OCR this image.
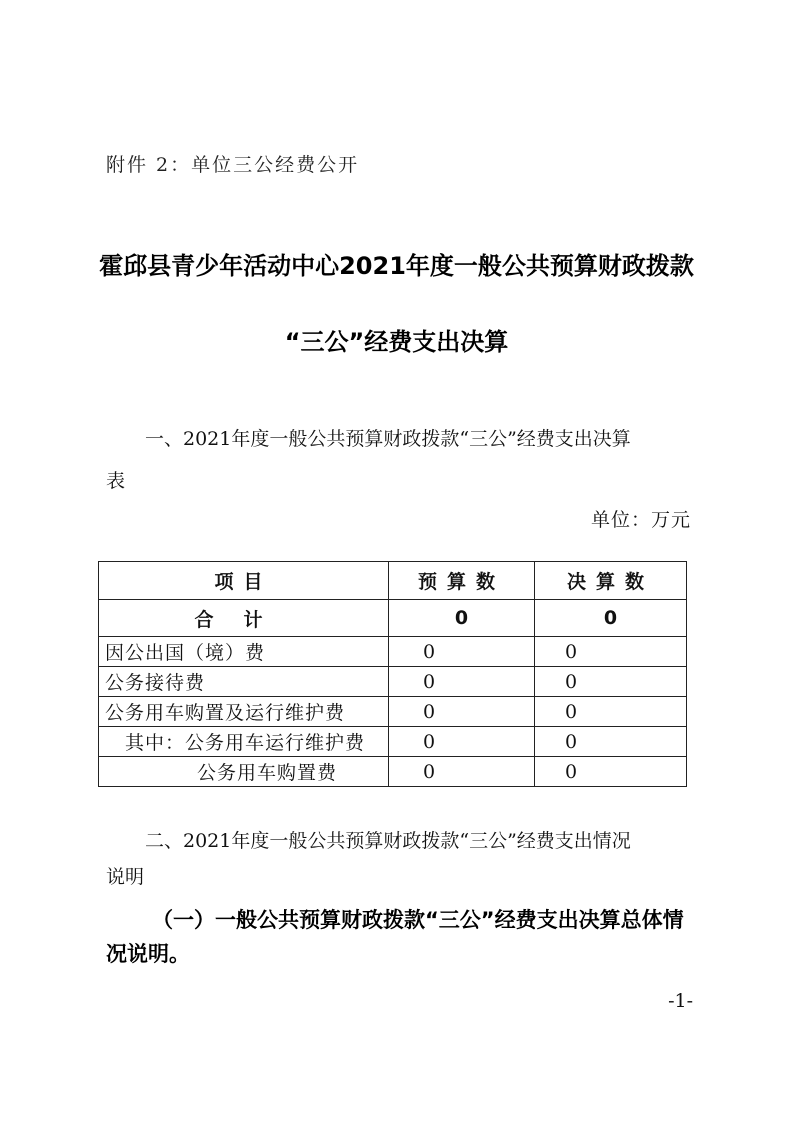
附件 2：单位三公经费公开
霍邱县青少年活动中心2021年度一般公共预算财政拨款
“三公”经费支出决算
一、2021年度一般公共预算财政拨款“三公”经费支出决算
表
单位：万元
项目	预算数	决算数
合计	0	0
因公出国（境）费	0	0
公务接待费	0	0
公务用车购置及运行维护费	0	0
其中：公务用车运行维护费	0	0
公务用车购置费	0	0
二、2021年度一般公共预算财政拨款“三公”经费支出情况
说明
（一）一般公共预算财政拨款“三公”经费支出决算总体情
况说明。
-1-
